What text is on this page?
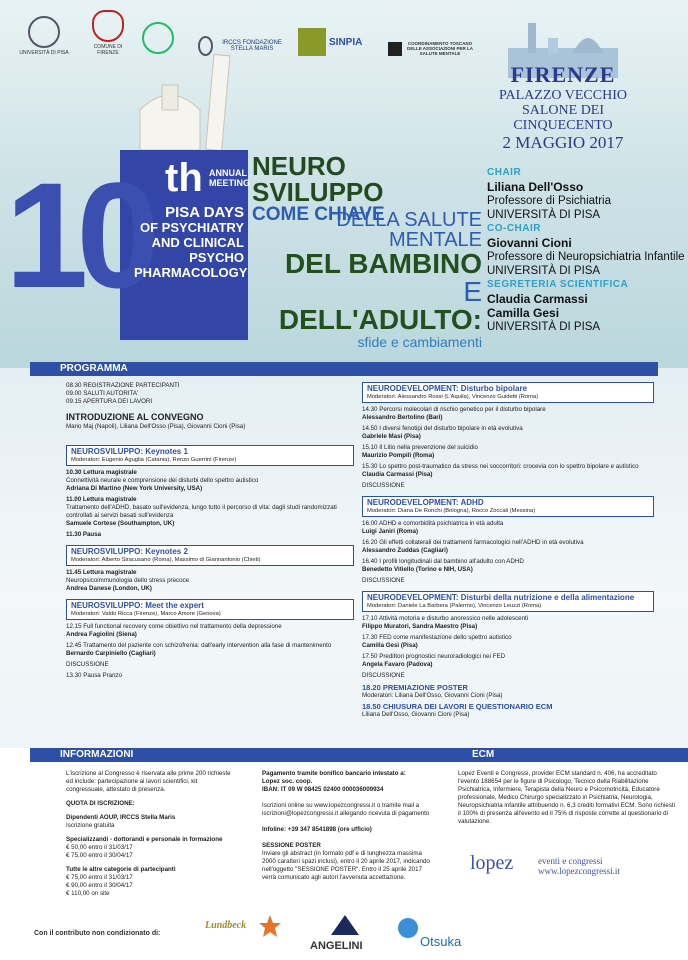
UNIVERSITÀ DI PISA
COMUNE DI FIRENZE
IRCCS FONDAZIONE STELLA MARIS
SINPIA	COORDINAMENTO TOSCANO DELLE ASSOCIAZIONI PER LA SALUTE MENTALE
FIRENZE
PALAZZO VECCHIO
SALONE DEI CINQUECENTO
2 MAGGIO 2017
CHAIR
Liliana Dell'Osso
Professore di Psichiatria
UNIVERSITÀ DI PISA
CO-CHAIR
Giovanni Cioni
Professore di Neuropsichiatria Infantile
UNIVERSITÀ DI PISA
SEGRETERIA SCIENTIFICA
Claudia Carmassi
Camilla Gesi
UNIVERSITÀ DI PISA
10 th ANNUAL
MEETING
PISA DAYS
OF PSYCHIATRY
AND CLINICAL
PSYCHO
PHARMACOLOGY
NEURO
SVILUPPO
COME CHIAVE
DELLA SALUTE
MENTALE
DEL BAMBINO
E DELL'ADULTO:
sfide e cambiamenti
PROGRAMMA
08.30 REGISTRAZIONE PARTECIPANTI
09.00 SALUTI AUTORITA'
09.15 APERTURA DEI LAVORI
INTRODUZIONE AL CONVEGNO
Mario Maj (Napoli), Liliana Dell'Osso (Pisa), Giovanni Cioni (Pisa)
NEUROSVILUPPO: Keynotes 1
Moderatori: Eugenio Aguglia (Catania), Renzo Guerrini (Firenze)
10.30 Lettura magistrale
Connettività neurale e comprensione dei disturbi dello spettro autistico
Adriana Di Martino (New York University, USA)
11.00 Lettura magistrale
Trattamento dell'ADHD, basato sull'evidenza, lungo tutto il percorso di vita: dagli studi randomizzati controllati ai servizi basati sull'evidenza
Samuele Cortese (Southampton, UK)
11.30 Pausa
NEUROSVILUPPO: Keynotes 2
Moderatori: Alberto Siracusano (Roma), Massimo di Giannantonio (Chieti)
11.45 Lettura magistrale
Neuropsicoimmunologia dello stress precoce
Andrea Danese (London, UK)
NEUROSVILUPPO: Meet the expert
Moderatori: Valdo Ricca (Firenze), Marco Amore (Genova)
12.15 Full functional recovery come obiettivo nel trattamento della depressione
Andrea Fagiolini (Siena)
12.45 Trattamento del paziente con schizofrenia: dall'early intervention alla fase di mantenimento
Bernardo Carpiniello (Cagliari)
DISCUSSIONE
13.30 Pausa Pranzo
NEURODEVELOPMENT: Disturbo bipolare
Moderatori: Alessandro Rossi (L'Aquila), Vincenzo Guidetti (Roma)
14.30 Percorsi molecolari di rischio genetico per il disturbo bipolare
Alessandro Bertolino (Bari)
14.50 I diversi fenotipi del disturbo bipolare in età evolutiva
Gabriele Masi (Pisa)
15.10 Il Litio nella prevenzione del suicidio
Maurizio Pompili (Roma)
15.30 Lo spettro post-traumatico da stress nei soccorritori: crocevia con lo spettro bipolare e autistico
Claudia Carmassi (Pisa)
DISCUSSIONE
NEURODEVELOPMENT: ADHD
Moderatori: Diana De Ronchi (Bologna), Rocco Zoccali (Messina)
16.00 ADHD e comorbidità psichiatrica in età adulta
Luigi Janiri (Roma)
16.20 Gli effetti collaterali dei trattamenti farmacologici nell'ADHD in età evolutiva
Alessandro Zuddas (Cagliari)
16.40 I profili longitudinali dal bambino all'adulto con ADHD
Benedetto Vitiello (Torino e NIH, USA)
DISCUSSIONE
NEURODEVELOPMENT: Disturbi della nutrizione e della alimentazione
Moderatori: Daniele La Barbera (Palermo), Vincenzo Leuzzi (Roma)
17.10 Attività motoria e disturbo anoressico nelle adolescenti
Filippo Muratori, Sandra Maestro (Pisa)
17.30 FED come manifestazione dello spettro autistico
Camilla Gesi (Pisa)
17.50 Predittori prognostici neuroradiologici nei FED
Angela Favaro (Padova)
DISCUSSIONE
18.20 PREMIAZIONE POSTER
Moderatori: Liliana Dell'Osso, Giovanni Cioni (Pisa)
18.50 CHIUSURA DEI LAVORI E QUESTIONARIO ECM
Liliana Dell'Osso, Giovanni Cioni (Pisa)
INFORMAZIONI	ECM
L'iscrizione al Congresso è riservata alle prime 200 richieste ed include: partecipazione ai lavori scientifici, kit congressuale, attestato di presenza.
QUOTA DI ISCRIZIONE:
Dipendenti AOUP, IRCCS Stella Maris
Iscrizione gratuita
Specializzandi - dottorandi e personale in formazione
€ 50,00 entro il 31/03/17
€ 75,00 entro il 30/04/17
Tutte le altre categorie di partecipanti
€ 75,00 entro il 31/03/17
€ 90,00 entro il 30/04/17
€ 110,00 on site
Pagamento tramite bonifico bancario intestato a:
Lopez soc. coop.
IBAN: IT 09 W 08425 02400 000036009934
Iscrizioni online su www.lopezcongressi.it o tramite mail a iscrizioni@lopezcongressi.it allegando ricevuta di pagamento
Infoline: +39 347 8541898 (ore ufficio)
SESSIONE POSTER
Inviare gli abstract (in formato pdf e di lunghezza massima 2000 caratteri spazi inclusi), entro il 20 aprile 2017, indicando nell'oggetto "SESSIONE POSTER". Entro il 25 aprile 2017 verrà comunicato agli autori l'avvenuta accettazione.
Lopez Eventi e Congressi, provider ECM standard n. 406, ha accreditato l'evento 188654 per le figure di Psicologo, Tecnico della Riabilitazione Psichiatrica, Infermiere, Terapista della Neuro e Psicomotricità, Educatore professionale, Medico Chirurgo specializzato in Psichiatria, Neurologia, Neuropsichiatria infantile attribuendo n. 6,3 crediti formativi ECM. Sono richiesti il 100% di presenza all'evento ed il 75% di risposte corrette al questionario di valutazione.
lopez	eventi e congressi
www.lopezcongressi.it
Con il contributo non condizionato di:
Lundbeck
ANGELINI	Otsuka
